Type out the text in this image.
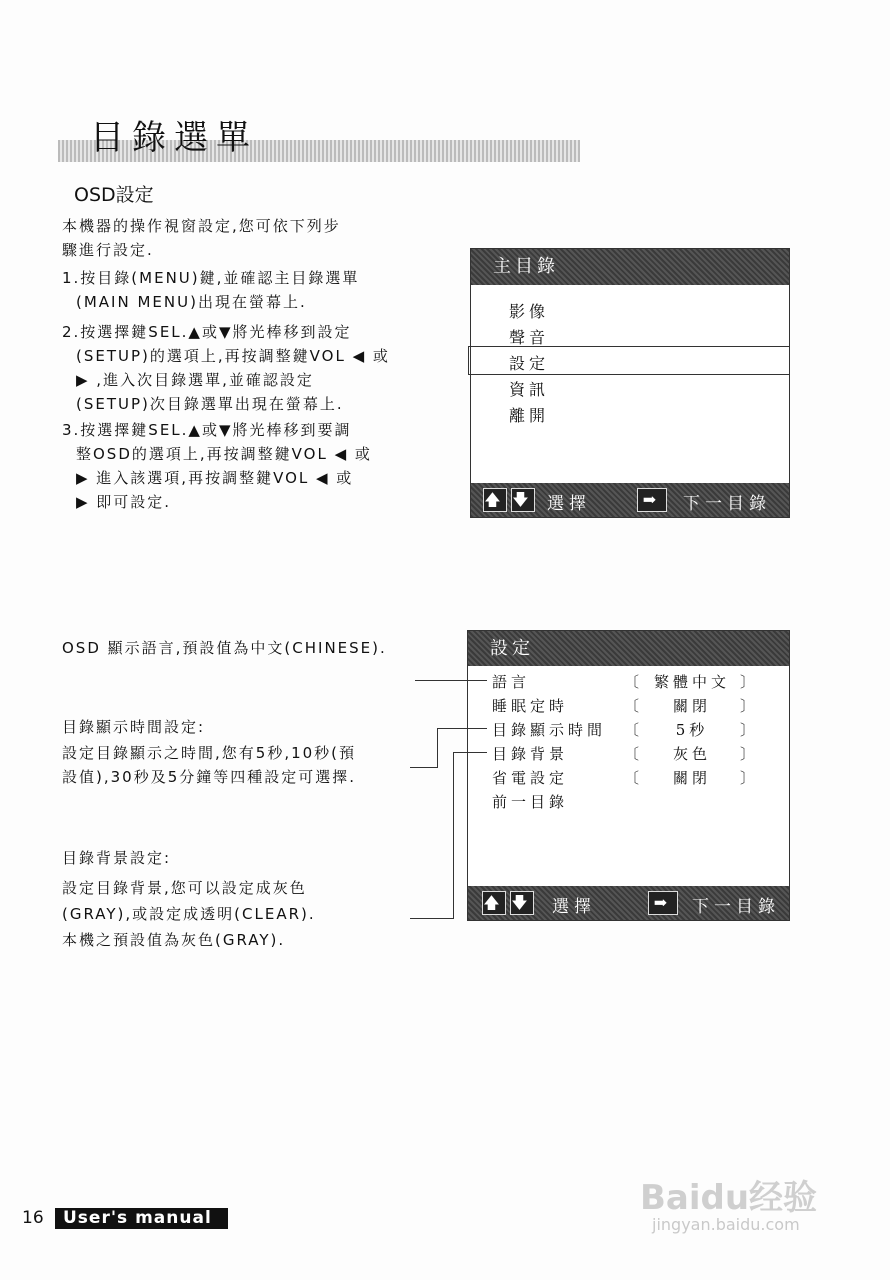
目錄選單
OSD設定
本機器的操作視窗設定,您可依下列步
驟進行設定.
1.按目錄(MENU)鍵,並確認主目錄選單
(MAIN MENU)出現在螢幕上.
2.按選擇鍵SEL.▲或▼將光棒移到設定
(SETUP)的選項上,再按調整鍵VOL ◀ 或
▶ ,進入次目錄選單,並確認設定
(SETUP)次目錄選單出現在螢幕上.
3.按選擇鍵SEL.▲或▼將光棒移到要調
整OSD的選項上,再按調整鍵VOL ◀ 或
▶ 進入該選項,再按調整鍵VOL ◀ 或
▶ 即可設定.
主目錄
影像
聲音
設定
資訊
離開
🡅 🡇 選擇	➡	下一目錄
設定
語言	〔 繁體中文 〕
睡眠定時	〔	關閉	〕
目錄顯示時間 〔	5秒	〕
目錄背景	〔	灰色	〕
省電設定	〔	關閉	〕
前一目錄
🡅 🡇 選擇	➡	下一目錄
OSD 顯示語言,預設值為中文(CHINESE).
目錄顯示時間設定:
設定目錄顯示之時間,您有5秒,10秒(預
設值),30秒及5分鐘等四種設定可選擇.
目錄背景設定:
設定目錄背景,您可以設定成灰色
(GRAY),或設定成透明(CLEAR).
本機之預設值為灰色(GRAY).
16	User's manual	Baidu经验
jingyan.baidu.com
